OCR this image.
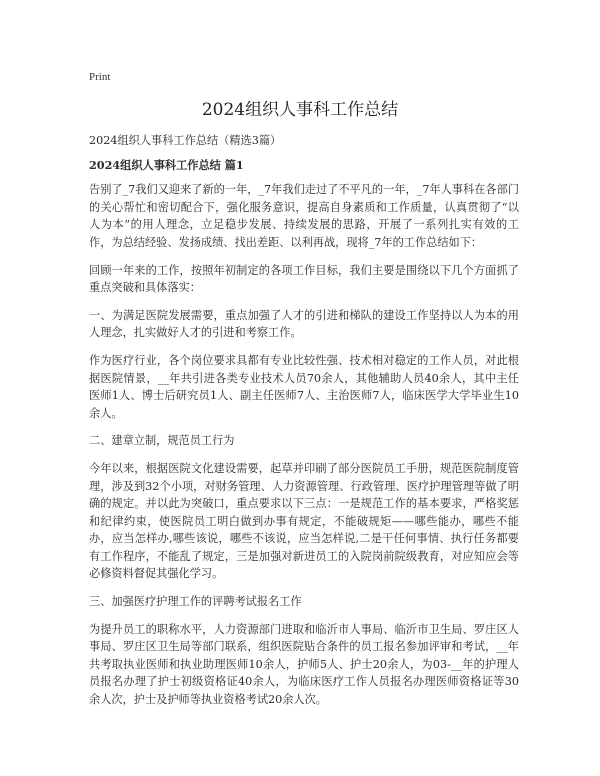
Print
2024组织人事科工作总结

2024组织人事科工作总结（精选3篇）

2024组织人事科工作总结 篇1

告别了_7我们又迎来了新的一年，_7年我们走过了不平凡的一年，_7年人事科在各部门的关心帮忙和密切配合下，强化服务意识，提高自身素质和工作质量，认真贯彻了“以人为本”的用人理念，立足稳步发展、持续发展的思路，开展了一系列扎实有效的工作，为总结经验、发扬成绩、找出差距、以利再战，现将_7年的工作总结如下：

回顾一年来的工作，按照年初制定的各项工作目标，我们主要是围绕以下几个方面抓了重点突破和具体落实：

一、为满足医院发展需要，重点加强了人才的引进和梯队的建设工作坚持以人为本的用人理念，扎实做好人才的引进和考察工作。

作为医疗行业，各个岗位要求具都有专业比较性强、技术相对稳定的工作人员，对此根据医院情景，__年共引进各类专业技术人员70余人，其他辅助人员40余人，其中主任医师1人、博士后研究员1人、副主任医师7人、主治医师7人，临床医学大学毕业生10余人。

二、建章立制，规范员工行为

今年以来，根据医院文化建设需要，起草并印刷了部分医院员工手册，规范医院制度管理，涉及到32个小项，对财务管理、人力资源管理、行政管理、医疗护理管理等做了明确的规定。并以此为突破口，重点要求以下三点：一是规范工作的基本要求，严格奖惩和纪律约束，使医院员工明白做到办事有规定，不能破规矩——哪些能办，哪些不能办，应当怎样办,哪些该说，哪些不该说，应当怎样说,二是干任何事情、执行任务都要有工作程序，不能乱了规定，三是加强对新进员工的入院岗前院级教育，对应知应会等必修资料督促其强化学习。

三、加强医疗护理工作的评聘考试报名工作

为提升员工的职称水平，人力资源部门进取和临沂市人事局、临沂市卫生局、罗庄区人事局、罗庄区卫生局等部门联系，组织医院贴合条件的员工报名参加评审和考试，__年共考取执业医师和执业助理医师10余人，护师5人、护士20余人，为03-__年的护理人员报名办理了护士初级资格证40余人，为临床医疗工作人员报名办理医师资格证等30余人次，护士及护师等执业资格考试20余人次。
